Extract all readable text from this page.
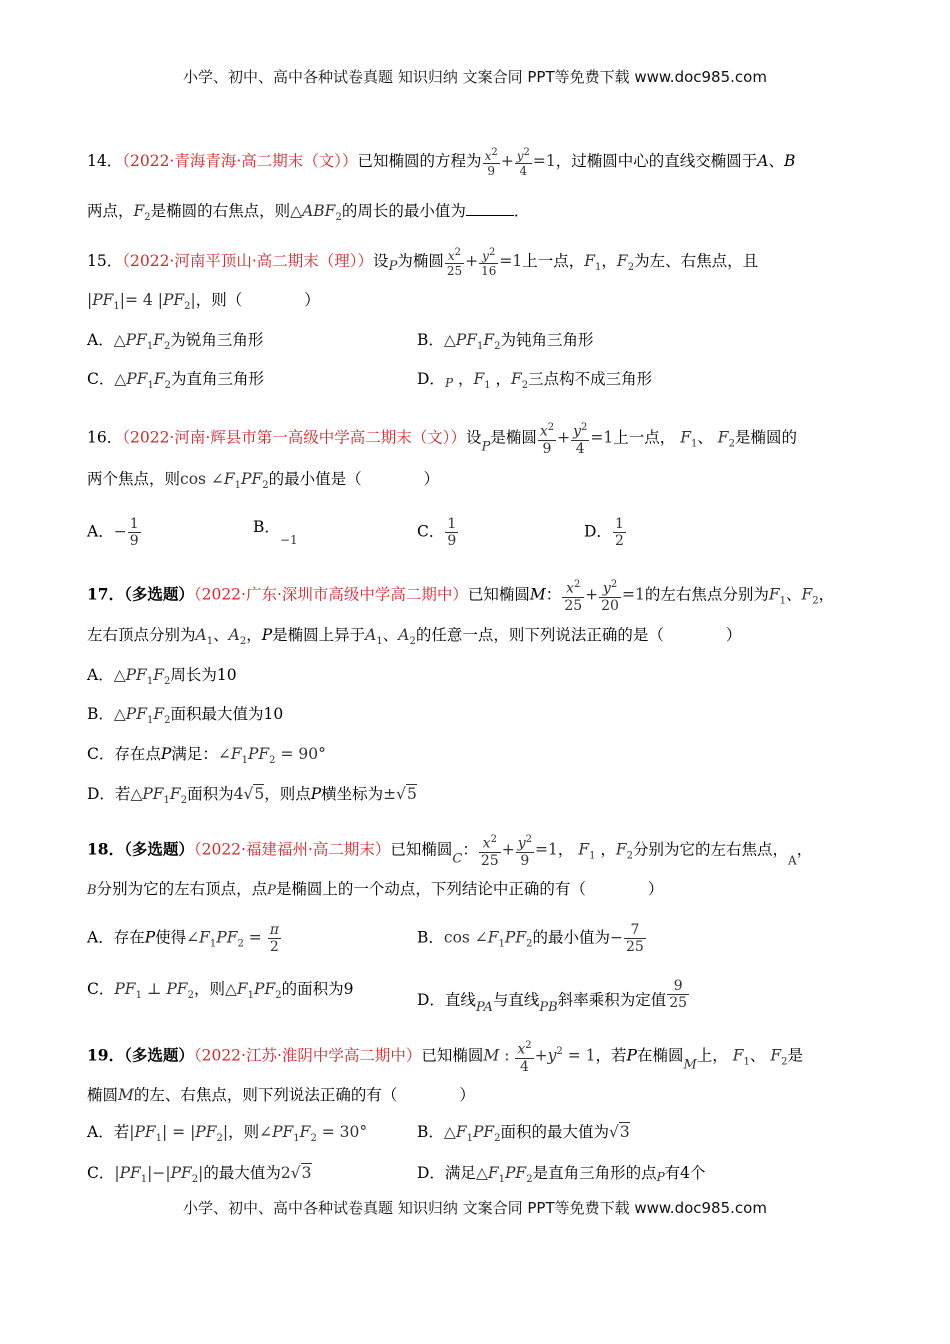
小学、初中、高中各种试卷真题 知识归纳 文案合同 PPT等免费下载 www.doc985.com
14．（2022·青海青海·高二期末（文））已知椭圆的方程为 $\frac{x^2}{9} + \frac{y^2}{4} =1$，过椭圆中心的直线交椭圆于A、B
两点，$F_2$是椭圆的右焦点，则$\triangle ABF_2$的周长的最小值为	．
15．（2022·河南平顶山·高二期末（理））设$_P$为椭圆 $\frac{x^2}{25} + \frac{y^2}{16} =1$上一点，$F_1$，$F_2$为左、右焦点，且
$|PF_1|= 4$ $|PF_2|$，则（　　　　）
A．$\triangle PF_1F_2$为锐角三角形	B．$\triangle PF_1F_2$为钝角三角形
C．$\triangle PF_1F_2$为直角三角形	D．P ，$F_1$ ，$F_2$三点构不成三角形
16．（2022·河南·辉县市第一高级中学高二期末（文））设$_P$是椭圆 $\frac{x^2}{9} + \frac{y^2}{4} =1$上一点， $F_1$、 $F_2$是椭圆的
两个焦点，则$\cos \angle F_1PF_2$的最小值是（　　　　）
A．− $\frac{1}{9}$	B．$_{-1}$	C． $\frac{1}{9}$	D． $\frac{1}{2}$
17．（多选题）（2022·广东·深圳市高级中学高二期中）已知椭圆M： $\frac{x^2}{25} + \frac{y^2}{20} =1$的左右焦点分别为$F_1$、$F_2$，
左右顶点分别为$A_1$、$A_2$，P是椭圆上异于$A_1$、$A_2$的任意一点，则下列说法正确的是（　　　　）
A．$\triangle PF_1F_2$周长为10
B．$\triangle PF_1F_2$面积最大值为10
C．存在点P满足：$\angle F_1PF_2 = 90^\circ$
D．若$\triangle PF_1F_2$面积为4√5，则点P横坐标为±√5
18．（多选题）（2022·福建福州·高二期末）已知椭圆$_C$： $\frac{x^2}{25} + \frac{y^2}{9} =1$， $F_1$ ，$F_2$分别为它的左右焦点，$_A$，
B分别为它的左右顶点，点P是椭圆上的一个动点，下列结论中正确的有（　　　　）
A．存在P使得$\angle F_1PF_2 = \frac{\pi}{2}$	B．$\cos \angle F_1PF_2$的最小值为− $\frac{7}{25}$
C．$PF_1$ ⊥ $PF_2$，则$\triangle F_1PF_2$的面积为9
D．直线$_{PA}$与直线$_{PB}$斜率乘积为定值 $\frac{9}{25}$
19．（多选题）（2022·江苏·淮阴中学高二期中）已知椭圆M : $\frac{x^2}{4} +y^2 = 1$，若P在椭圆$_M$上， $F_1$、 $F_2$是
椭圆M的左、右焦点，则下列说法正确的有（　　　　）
A．若$|PF_1| = |PF_2|$，则$\angle PF_1F_2 = 30^\circ$	B．$\triangle F_1PF_2$面积的最大值为√3
C．$|PF_1|-|PF_2|$的最大值为2√3	D．满足$\triangle F_1PF_2$是直角三角形的点P有4个
小学、初中、高中各种试卷真题 知识归纳 文案合同 PPT等免费下载 www.doc985.com
